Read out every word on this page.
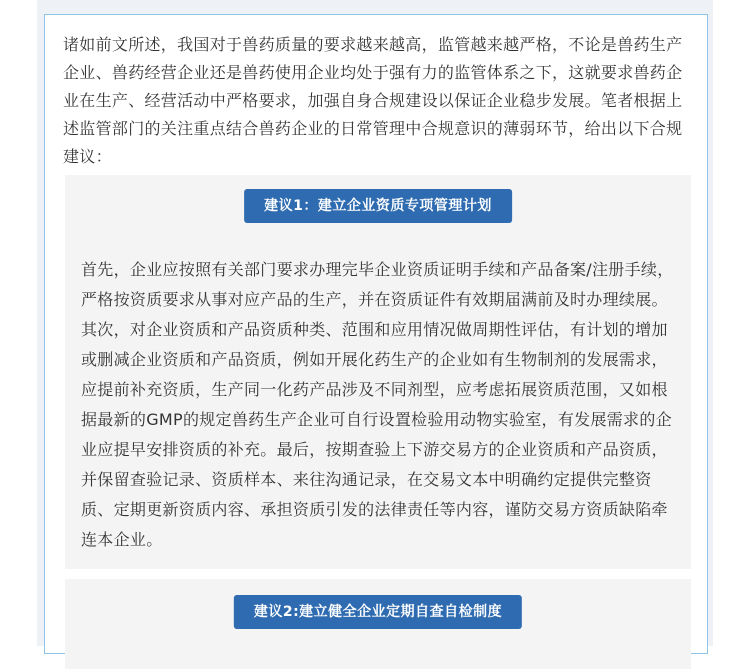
诸如前文所述，我国对于兽药质量的要求越来越高，监管越来越严格，不论是兽药生产企业、兽药经营企业还是兽药使用企业均处于强有力的监管体系之下，这就要求兽药企业在生产、经营活动中严格要求，加强自身合规建设以保证企业稳步发展。笔者根据上述监管部门的关注重点结合兽药企业的日常管理中合规意识的薄弱环节，给出以下合规建议：

建议1：建立企业资质专项管理计划

首先，企业应按照有关部门要求办理完毕企业资质证明手续和产品备案/注册手续，严格按资质要求从事对应产品的生产，并在资质证件有效期届满前及时办理续展。其次，对企业资质和产品资质种类、范围和应用情况做周期性评估，有计划的增加或删减企业资质和产品资质，例如开展化药生产的企业如有生物制剂的发展需求，应提前补充资质，生产同一化药产品涉及不同剂型，应考虑拓展资质范围，又如根据最新的GMP的规定兽药生产企业可自行设置检验用动物实验室，有发展需求的企业应提早安排资质的补充。最后，按期查验上下游交易方的企业资质和产品资质，并保留查验记录、资质样本、来往沟通记录，在交易文本中明确约定提供完整资质、定期更新资质内容、承担资质引发的法律责任等内容，谨防交易方资质缺陷牵连本企业。

建议2:建立健全企业定期自查自检制度
